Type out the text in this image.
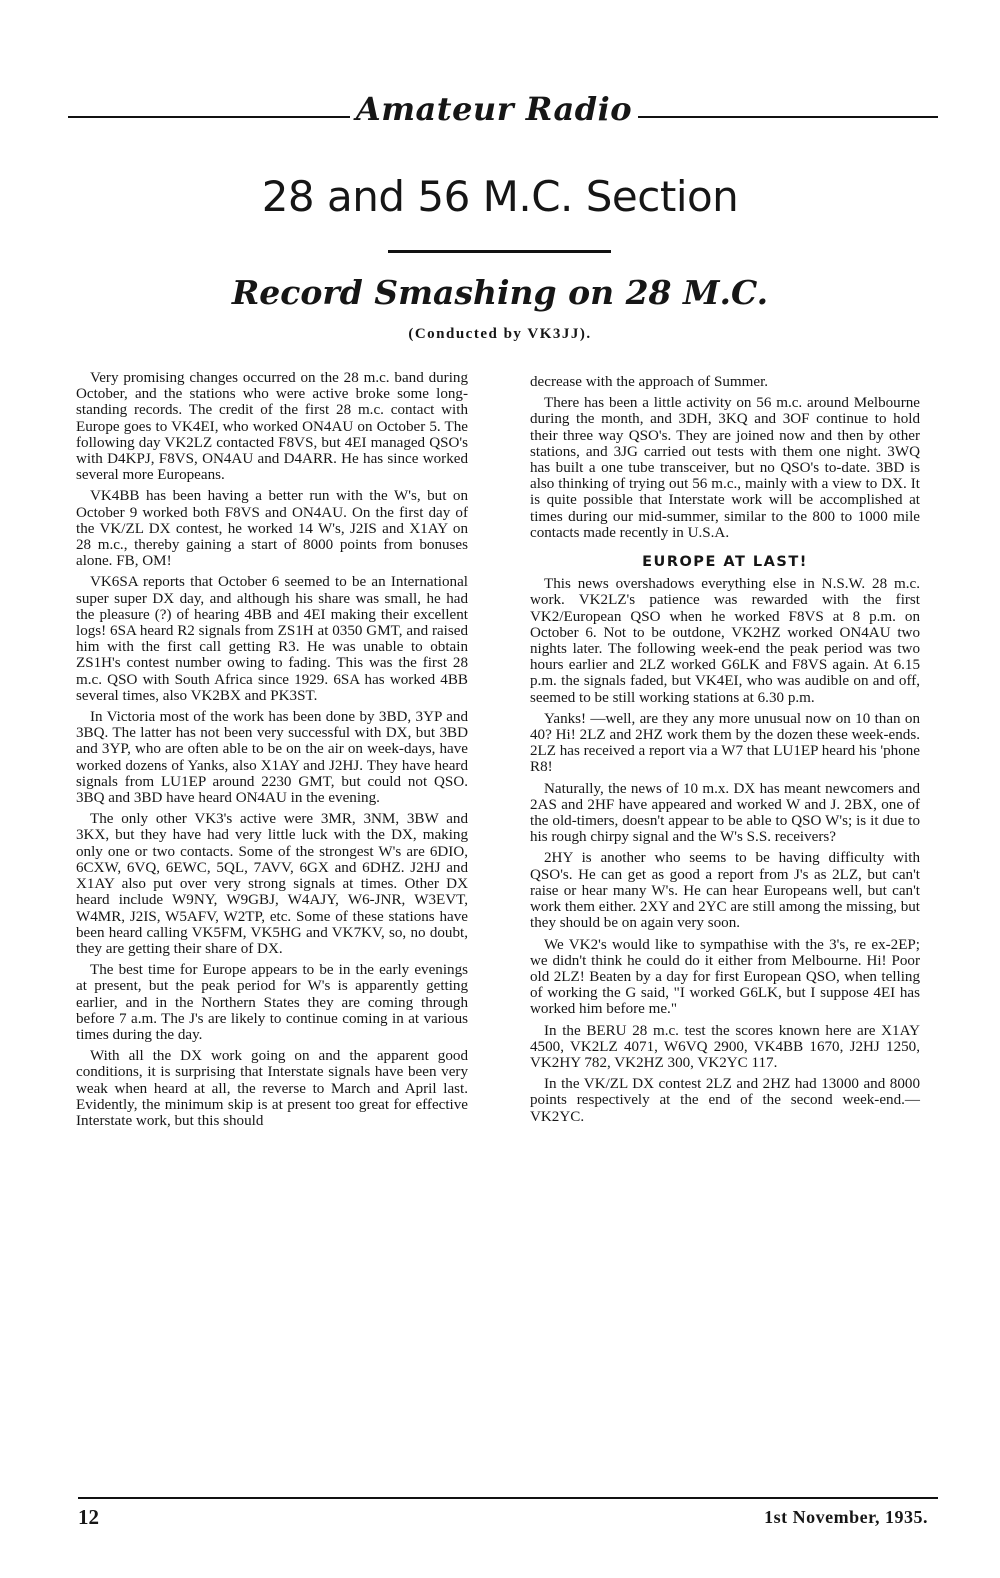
Amateur Radio
28 and 56 M.C. Section
Record Smashing on 28 M.C.
(Conducted by VK3JJ).

Very promising changes occurred on the 28 m.c. band during October, and the stations who were active broke some long-standing records. The credit of the first 28 m.c. contact with Europe goes to VK4EI, who worked ON4AU on October 5. The following day VK2LZ contacted F8VS, but 4EI managed QSO's with D4KPJ, F8VS, ON4AU and D4ARR. He has since worked several more Europeans.

VK4BB has been having a better run with the W's, but on October 9 worked both F8VS and ON4AU. On the first day of the VK/ZL DX contest, he worked 14 W's, J2IS and X1AY on 28 m.c., thereby gaining a start of 8000 points from bonuses alone. FB, OM!

VK6SA reports that October 6 seemed to be an International super super DX day, and although his share was small, he had the pleasure (?) of hearing 4BB and 4EI making their excellent logs! 6SA heard R2 signals from ZS1H at 0350 GMT, and raised him with the first call getting R3. He was unable to obtain ZS1H's contest number owing to fading. This was the first 28 m.c. QSO with South Africa since 1929. 6SA has worked 4BB several times, also VK2BX and PK3ST.

In Victoria most of the work has been done by 3BD, 3YP and 3BQ. The latter has not been very successful with DX, but 3BD and 3YP, who are often able to be on the air on week-days, have worked dozens of Yanks, also X1AY and J2HJ. They have heard signals from LU1EP around 2230 GMT, but could not QSO. 3BQ and 3BD have heard ON4AU in the evening.

The only other VK3's active were 3MR, 3NM, 3BW and 3KX, but they have had very little luck with the DX, making only one or two contacts. Some of the strongest W's are 6DIO, 6CXW, 6VQ, 6EWC, 5QL, 7AVV, 6GX and 6DHZ. J2HJ and X1AY also put over very strong signals at times. Other DX heard include W9NY, W9GBJ, W4AJY, W6-JNR, W3EVT, W4MR, J2IS, W5AFV, W2TP, etc. Some of these stations have been heard calling VK5FM, VK5HG and VK7KV, so, no doubt, they are getting their share of DX.

The best time for Europe appears to be in the early evenings at present, but the peak period for W's is apparently getting earlier, and in the Northern States they are coming through before 7 a.m. The J's are likely to continue coming in at various times during the day.

With all the DX work going on and the apparent good conditions, it is surprising that Interstate signals have been very weak when heard at all, the reverse to March and April last. Evidently, the minimum skip is at present too great for effective Interstate work, but this should

decrease with the approach of Summer.

There has been a little activity on 56 m.c. around Melbourne during the month, and 3DH, 3KQ and 3OF continue to hold their three way QSO's. They are joined now and then by other stations, and 3JG carried out tests with them one night. 3WQ has built a one tube transceiver, but no QSO's to-date. 3BD is also thinking of trying out 56 m.c., mainly with a view to DX. It is quite possible that Interstate work will be accomplished at times during our mid-summer, similar to the 800 to 1000 mile contacts made recently in U.S.A.

EUROPE AT LAST!

This news overshadows everything else in N.S.W. 28 m.c. work. VK2LZ's patience was rewarded with the first VK2/European QSO when he worked F8VS at 8 p.m. on October 6. Not to be outdone, VK2HZ worked ON4AU two nights later. The following week-end the peak period was two hours earlier and 2LZ worked G6LK and F8VS again. At 6.15 p.m. the signals faded, but VK4EI, who was audible on and off, seemed to be still working stations at 6.30 p.m.

Yanks! —well, are they any more unusual now on 10 than on 40? Hi! 2LZ and 2HZ work them by the dozen these week-ends. 2LZ has received a report via a W7 that LU1EP heard his 'phone R8!

Naturally, the news of 10 m.x. DX has meant newcomers and 2AS and 2HF have appeared and worked W and J. 2BX, one of the old-timers, doesn't appear to be able to QSO W's; is it due to his rough chirpy signal and the W's S.S. receivers?

2HY is another who seems to be having difficulty with QSO's. He can get as good a report from J's as 2LZ, but can't raise or hear many W's. He can hear Europeans well, but can't work them either. 2XY and 2YC are still among the missing, but they should be on again very soon.

We VK2's would like to sympathise with the 3's, re ex-2EP; we didn't think he could do it either from Melbourne. Hi! Poor old 2LZ! Beaten by a day for first European QSO, when telling of working the G said, "I worked G6LK, but I suppose 4EI has worked him before me."

In the BERU 28 m.c. test the scores known here are X1AY 4500, VK2LZ 4071, W6VQ 2900, VK4BB 1670, J2HJ 1250, VK2HY 782, VK2HZ 300, VK2YC 117.

In the VK/ZL DX contest 2LZ and 2HZ had 13000 and 8000 points respectively at the end of the second week-end.—VK2YC.

12	1st November, 1935.
